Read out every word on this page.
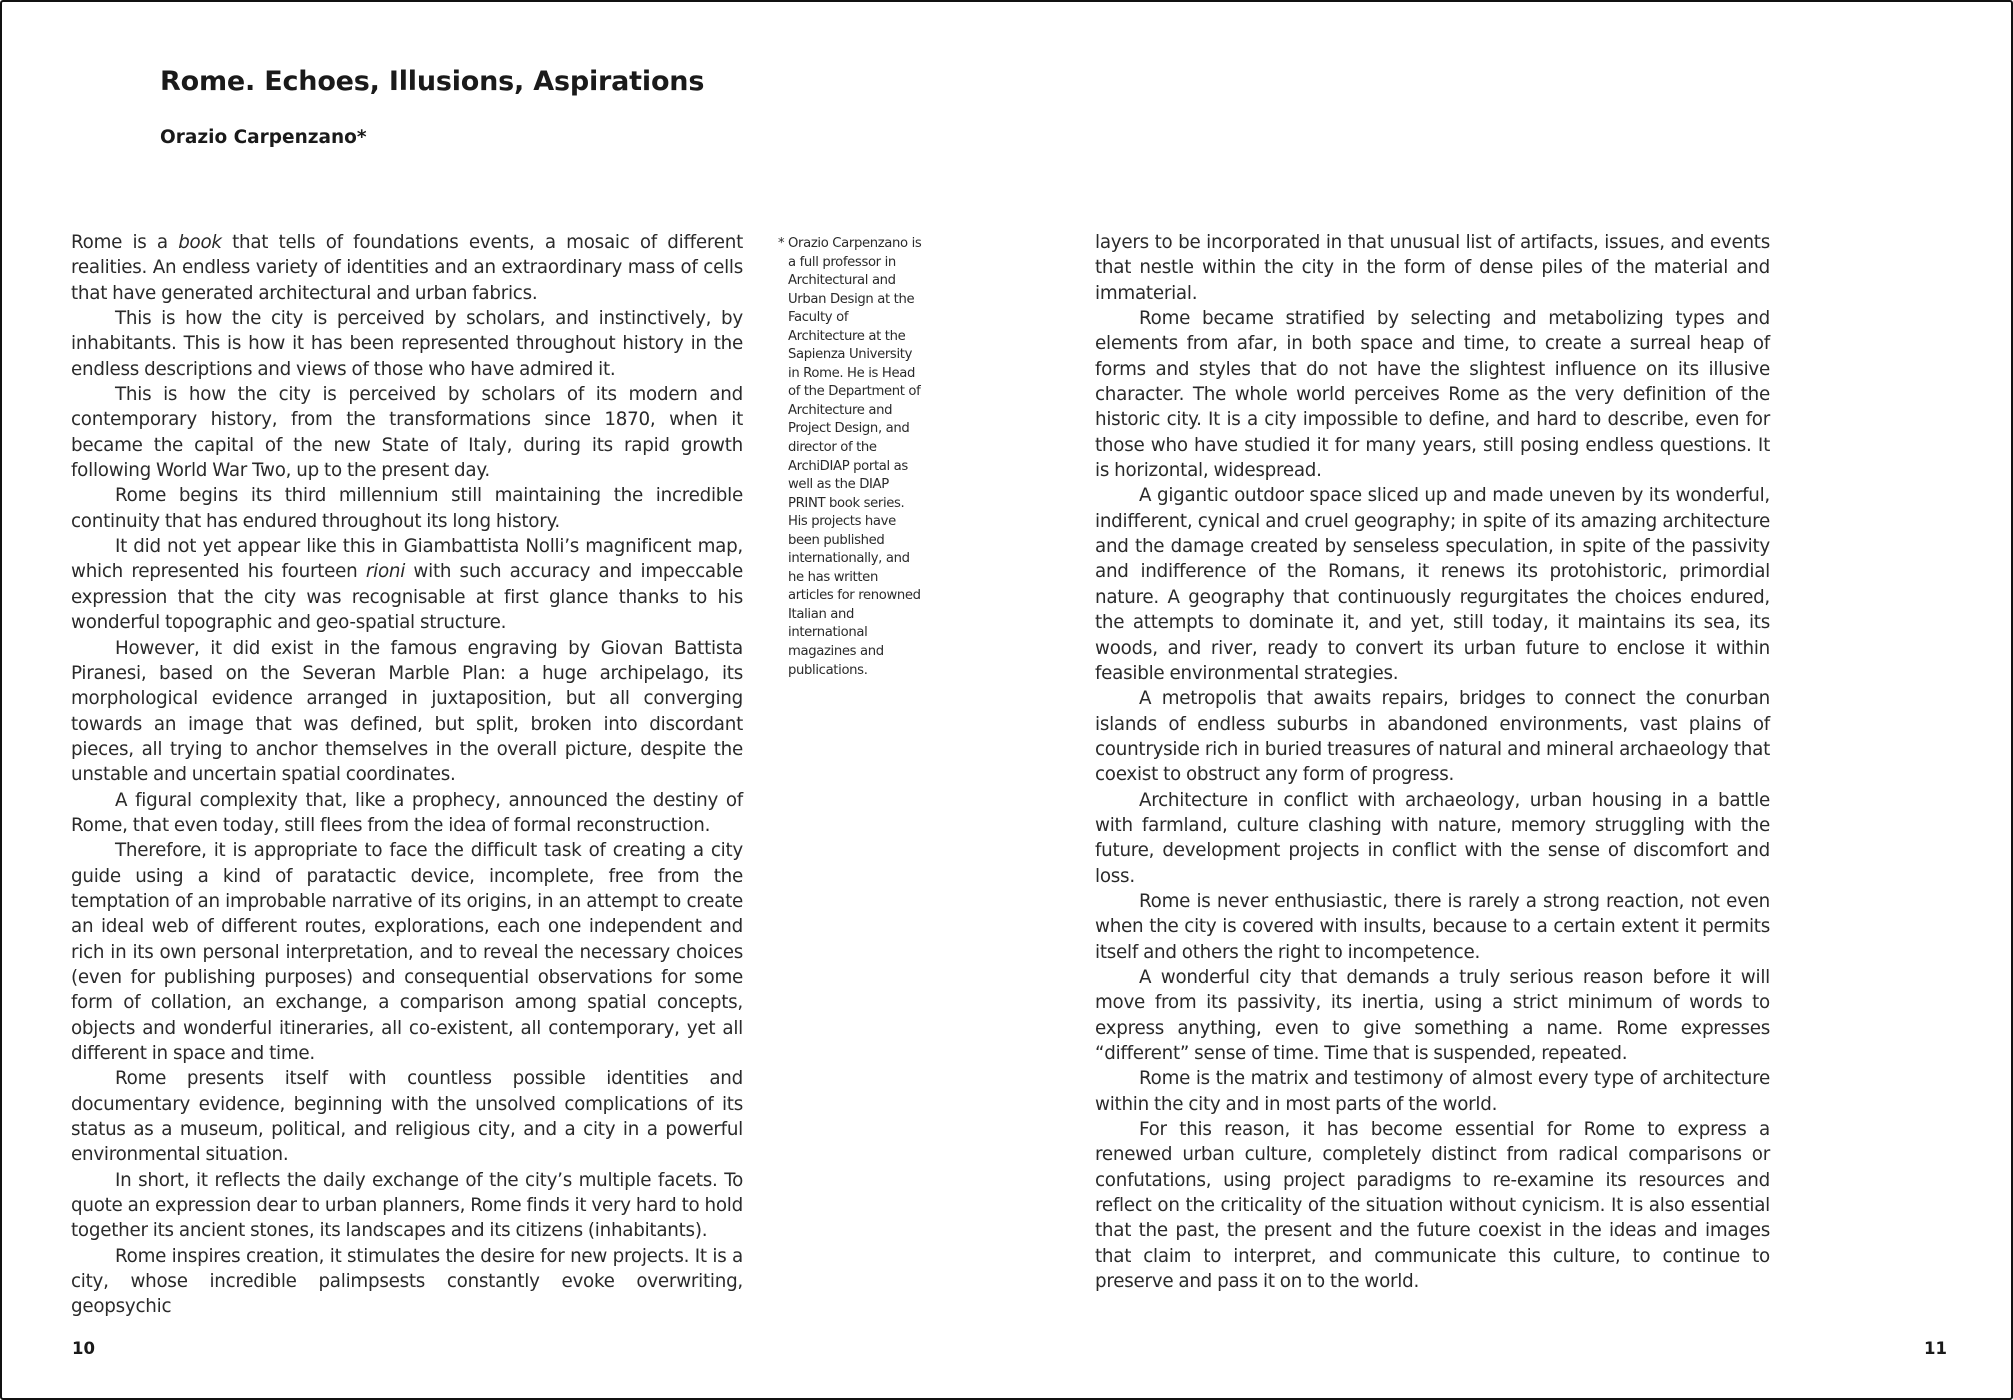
Rome. Echoes, Illusions, Aspirations
Orazio Carpenzano*

Rome is a book that tells of foundations events, a mosaic of different realities. An endless variety of identities and an extraordinary mass of cells that have generated architectural and urban fabrics.

This is how the city is perceived by scholars, and instinctively, by inhabitants. This is how it has been represented throughout history in the endless descriptions and views of those who have admired it.

This is how the city is perceived by scholars of its modern and contemporary history, from the transformations since 1870, when it became the capital of the new State of Italy, during its rapid growth following World War Two, up to the present day.

Rome begins its third millennium still maintaining the incredible continuity that has endured throughout its long history.

It did not yet appear like this in Giambattista Nolli’s magnificent map, which represented his fourteen rioni with such accuracy and impeccable expression that the city was recognisable at first glance thanks to his wonderful topographic and geo-spatial structure.

However, it did exist in the famous engraving by Giovan Battista Piranesi, based on the Severan Marble Plan: a huge archipelago, its morphological evidence arranged in juxtaposition, but all converging towards an image that was defined, but split, broken into discordant pieces, all trying to anchor themselves in the overall picture, despite the unstable and uncertain spatial coordinates.

A figural complexity that, like a prophecy, announced the destiny of Rome, that even today, still flees from the idea of formal reconstruction.

Therefore, it is appropriate to face the difficult task of creating a city guide using a kind of paratactic device, incomplete, free from the temptation of an improbable narrative of its origins, in an attempt to create an ideal web of different routes, explorations, each one independent and rich in its own personal interpretation, and to reveal the necessary choices (even for publishing purposes) and consequential observations for some form of collation, an exchange, a comparison among spatial concepts, objects and wonderful itineraries, all co-existent, all contemporary, yet all different in space and time.

Rome presents itself with countless possible identities and documentary evidence, beginning with the unsolved complications of its status as a museum, political, and religious city, and a city in a powerful environmental situation.

In short, it reflects the daily exchange of the city’s multiple facets. To quote an expression dear to urban planners, Rome finds it very hard to hold together its ancient stones, its landscapes and its citizens (inhabitants).

Rome inspires creation, it stimulates the desire for new projects. It is a city, whose incredible palimpsests constantly evoke overwriting, geopsychic

* Orazio Carpenzano is a full professor in Architectural and Urban Design at the Faculty of Architecture at the Sapienza University in Rome. He is Head of the Department of Architecture and Project Design, and director of the ArchiDIAP portal as well as the DIAP PRINT book series. His projects have been published internationally, and he has written articles for renowned Italian and international magazines and publications.

layers to be incorporated in that unusual list of artifacts, issues, and events that nestle within the city in the form of dense piles of the material and immaterial.

Rome became stratified by selecting and metabolizing types and elements from afar, in both space and time, to create a surreal heap of forms and styles that do not have the slightest influence on its illusive character. The whole world perceives Rome as the very definition of the historic city. It is a city impossible to define, and hard to describe, even for those who have studied it for many years, still posing endless questions. It is horizontal, widespread.

A gigantic outdoor space sliced up and made uneven by its wonderful, indifferent, cynical and cruel geography; in spite of its amazing architecture and the damage created by senseless speculation, in spite of the passivity and indifference of the Romans, it renews its protohistoric, primordial nature. A geography that continuously regurgitates the choices endured, the attempts to dominate it, and yet, still today, it maintains its sea, its woods, and river, ready to convert its urban future to enclose it within feasible environmental strategies.

A metropolis that awaits repairs, bridges to connect the conurban islands of endless suburbs in abandoned environments, vast plains of countryside rich in buried treasures of natural and mineral archaeology that coexist to obstruct any form of progress.

Architecture in conflict with archaeology, urban housing in a battle with farmland, culture clashing with nature, memory struggling with the future, development projects in conflict with the sense of discomfort and loss.

Rome is never enthusiastic, there is rarely a strong reaction, not even when the city is covered with insults, because to a certain extent it permits itself and others the right to incompetence.

A wonderful city that demands a truly serious reason before it will move from its passivity, its inertia, using a strict minimum of words to express anything, even to give something a name. Rome expresses “different” sense of time. Time that is suspended, repeated.

Rome is the matrix and testimony of almost every type of architecture within the city and in most parts of the world.

For this reason, it has become essential for Rome to express a renewed urban culture, completely distinct from radical comparisons or confutations, using project paradigms to re-examine its resources and reflect on the criticality of the situation without cynicism. It is also essential that the past, the present and the future coexist in the ideas and images that claim to interpret, and communicate this culture, to continue to preserve and pass it on to the world.

10	11
